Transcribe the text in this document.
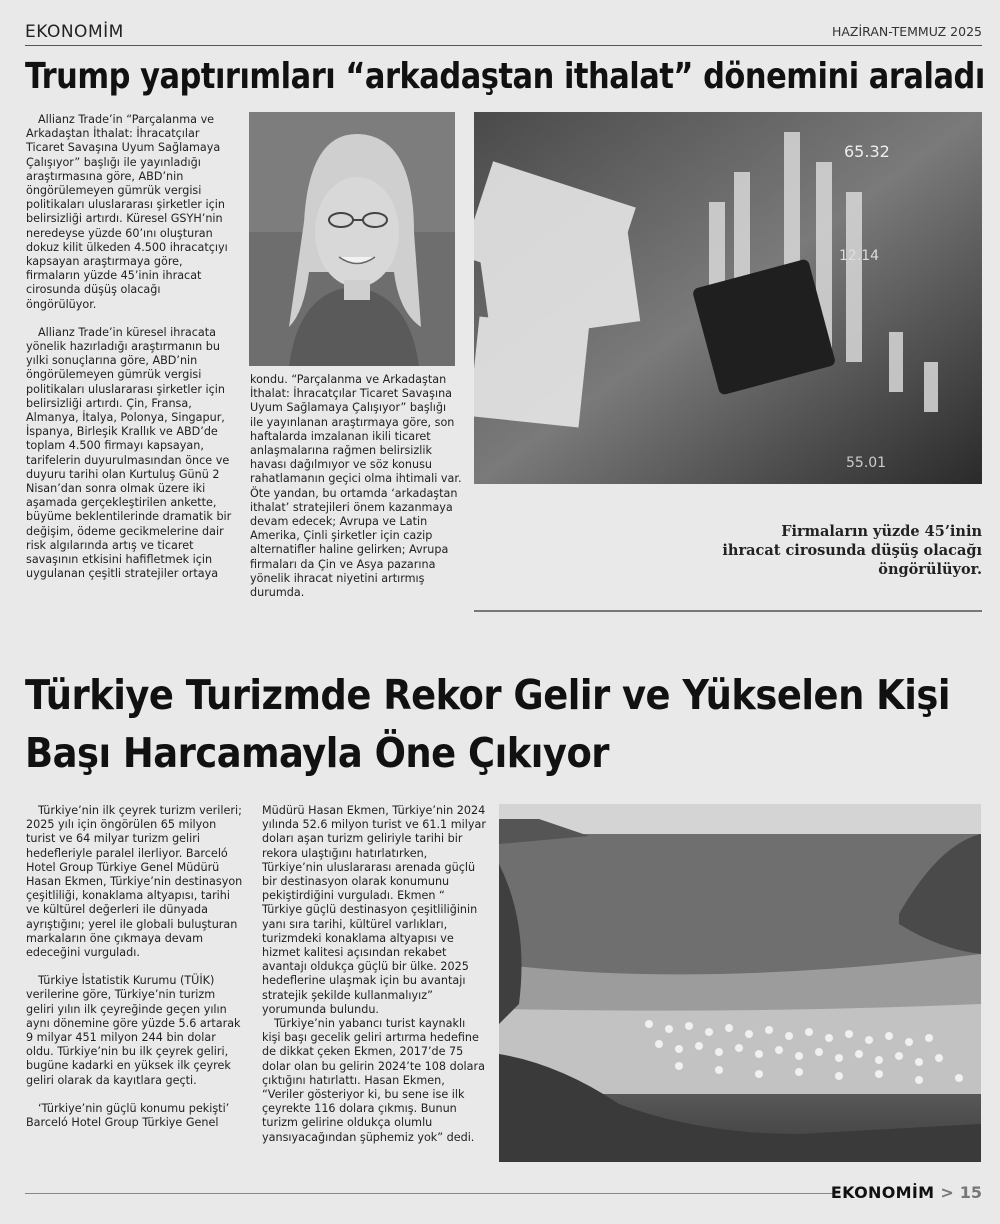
EKONOMİM	HAZİRAN-TEMMUZ 2025
Trump yaptırımları “arkadaştan ithalat” dönemini araladı

Allianz Trade’in “Parçalanma ve Arkadaştan İthalat: İhracatçılar Ticaret Savaşına Uyum Sağlamaya Çalışıyor” başlığı ile yayınladığı araştırmasına göre, ABD’nin öngörülemeyen gümrük vergisi politikaları uluslararası şirketler için belirsizliği artırdı. Küresel GSYH’nin neredeyse yüzde 60’ını oluşturan dokuz kilit ülkeden 4.500 ihracatçıyı kapsayan araştırmaya göre, firmaların yüzde 45’inin ihracat cirosunda düşüş olacağı öngörülüyor.

Allianz Trade’in küresel ihracata yönelik hazırladığı araştırmanın bu yılki sonuçlarına göre, ABD’nin öngörülemeyen gümrük vergisi politikaları uluslararası şirketler için belirsizliği artırdı. Çin, Fransa, Almanya, İtalya, Polonya, Singapur, İspanya, Birleşik Krallık ve ABD’de toplam 4.500 firmayı kapsayan, tarifelerin duyurulmasından önce ve duyuru tarihi olan Kurtuluş Günü 2 Nisan’dan sonra olmak üzere iki aşamada gerçekleştirilen ankette, büyüme beklentilerinde dramatik bir değişim, ödeme gecikmelerine dair risk algılarında artış ve ticaret savaşının etkisini hafifletmek için uygulanan çeşitli stratejiler ortaya

65.32
12.14
55.01

kondu. “Parçalanma ve Arkadaştan İthalat: İhracatçılar Ticaret Savaşına Uyum Sağlamaya Çalışıyor” başlığı ile yayınlanan araştırmaya göre, son haftalarda imzalanan ikili ticaret anlaşmalarına rağmen belirsizlik havası dağılmıyor ve söz konusu rahatlamanın geçici olma ihtimali var. Öte yandan, bu ortamda ‘arkadaştan ithalat’ stratejileri önem kazanmaya devam edecek; Avrupa ve Latin Amerika, Çinli şirketler için cazip alternatifler haline gelirken; Avrupa firmaları da Çin ve Asya pazarına yönelik ihracat niyetini artırmış durumda.

Firmaların yüzde 45’inin ihracat cirosunda düşüş olacağı öngörülüyor.
Türkiye Turizmde Rekor Gelir ve Yükselen Kişi Başı Harcamayla Öne Çıkıyor

Türkiye’nin ilk çeyrek turizm verileri; 2025 yılı için öngörülen 65 milyon turist ve 64 milyar turizm geliri hedefleriyle paralel ilerliyor. Barceló Hotel Group Türkiye Genel Müdürü Hasan Ekmen, Türkiye’nin destinasyon çeşitliliği, konaklama altyapısı, tarihi ve kültürel değerleri ile dünyada ayrıştığını; yerel ile globali buluşturan markaların öne çıkmaya devam edeceğini vurguladı.

Türkiye İstatistik Kurumu (TÜİK) verilerine göre, Türkiye’nin turizm geliri yılın ilk çeyreğinde geçen yılın aynı dönemine göre yüzde 5.6 artarak 9 milyar 451 milyon 244 bin dolar oldu. Türkiye’nin bu ilk çeyrek geliri, bugüne kadarki en yüksek ilk çeyrek geliri olarak da kayıtlara geçti.

‘Türkiye’nin güçlü konumu pekişti’ Barceló Hotel Group Türkiye Genel

Müdürü Hasan Ekmen, Türkiye’nin 2024 yılında 52.6 milyon turist ve 61.1 milyar doları aşan turizm geliriyle tarihi bir rekora ulaştığını hatırlatırken, Türkiye’nin uluslararası arenada güçlü bir destinasyon olarak konumunu pekiştirdiğini vurguladı. Ekmen “ Türkiye güçlü destinasyon çeşitliliğinin yanı sıra tarihi, kültürel varlıkları, turizmdeki konaklama altyapısı ve hizmet kalitesi açısından rekabet avantajı oldukça güçlü bir ülke. 2025 hedeflerine ulaşmak için bu avantajı stratejik şekilde kullanmalıyız” yorumunda bulundu.

Türkiye’nin yabancı turist kaynaklı kişi başı gecelik geliri artırma hedefine de dikkat çeken Ekmen, 2017’de 75 dolar olan bu gelirin 2024’te 108 dolara çıktığını hatırlattı. Hasan Ekmen, “Veriler gösteriyor ki, bu sene ise ilk çeyrekte 116 dolara çıkmış. Bunun turizm gelirine oldukça olumlu yansıyacağından şüphemiz yok” dedi.

EKONOMİM > 15
